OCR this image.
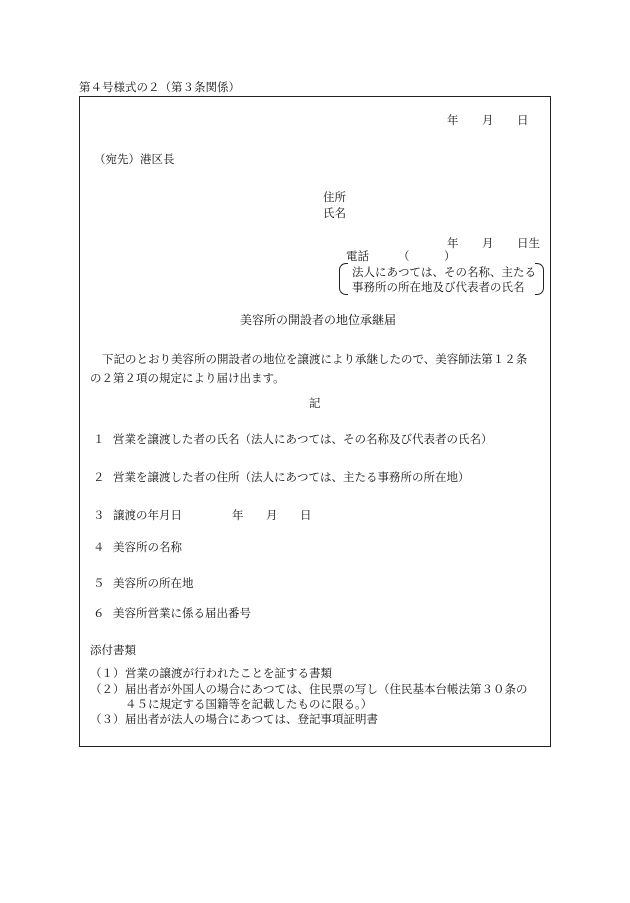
第４号様式の２（第３条関係）
年 月 日
（宛先）港区長
住所
氏名
年 月 日生
電話	（　　　）
法人にあつては、その名称、主たる
事務所の所在地及び代表者の氏名
美容所の開設者の地位承継届
下記のとおり美容所の開設者の地位を譲渡により承継したので、美容師法第１２条
の２第２項の規定により届け出ます。
記
１ 営業を譲渡した者の氏名（法人にあつては、その名称及び代表者の氏名）
２ 営業を譲渡した者の住所（法人にあつては、主たる事務所の所在地）
３ 譲渡の年月日	年 月 日
４ 美容所の名称
５ 美容所の所在地
６ 美容所営業に係る届出番号
添付書類
（１） 営業の譲渡が行われたことを証する書類
（２） 届出者が外国人の場合にあつては、住民票の写し（住民基本台帳法第３０条の
４５に規定する国籍等を記載したものに限る。）
（３） 届出者が法人の場合にあつては、登記事項証明書
